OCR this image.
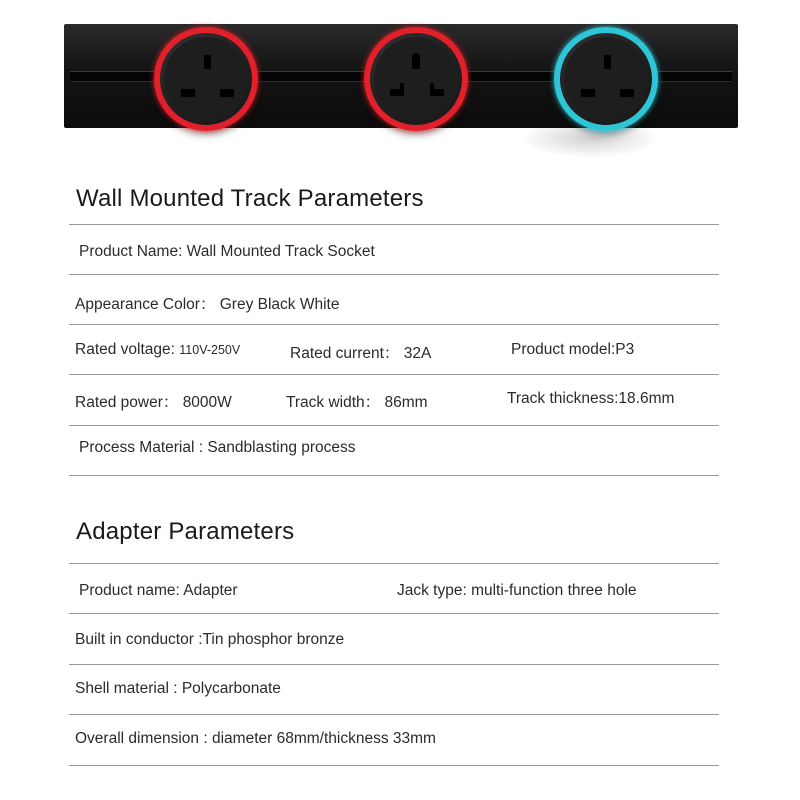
Wall Mounted Track Parameters
Product Name: Wall Mounted Track Socket
Appearance Color： Grey Black White
Rated voltage: 110V-250V	Rated current： 32A	Product model:P3
Rated power： 8000W	Track width： 86mm	Track thickness:18.6mm
Process Material : Sandblasting process
Adapter Parameters
Product name: Adapter	Jack type: multi-function three hole
Built in conductor :Tin phosphor bronze
Shell material : Polycarbonate
Overall dimension : diameter 68mm/thickness 33mm
